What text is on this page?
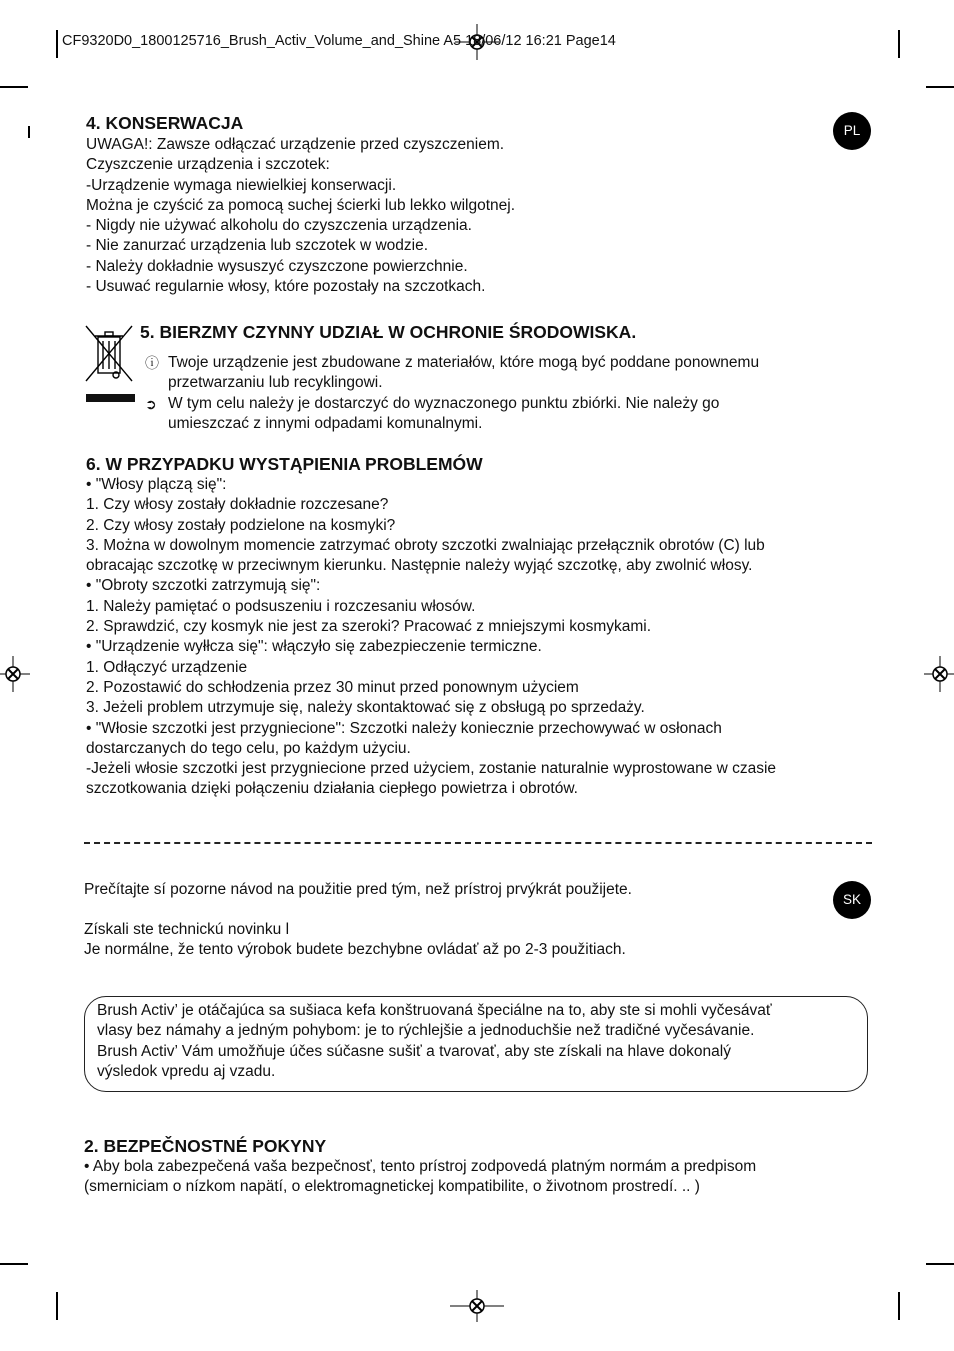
CF9320D0_1800125716_Brush_Activ_Volume_and_Shine A5 18/06/12 16:21 Page14
PL
SK
4. KONSERWACJA
UWAGA!: Zawsze odłączać urządzenie przed czyszczeniem.
Czyszczenie urządzenia i szczotek:
-Urządzenie wymaga niewielkiej konserwacji.
Można je czyścić za pomocą suchej ścierki lub lekko wilgotnej.
- Nigdy nie używać alkoholu do czyszczenia urządzenia.
- Nie zanurzać urządzenia lub szczotek w wodzie.
- Należy dokładnie wysuszyć czyszczone powierzchnie.
- Usuwać regularnie włosy, które pozostały na szczotkach.
5. BIERZMY CZYNNY UDZIAŁ W OCHRONIE ŚRODOWISKA.
ⓘ Twoje urządzenie jest zbudowane z materiałów, które mogą być poddane ponownemu
przetwarzaniu lub recyklingowi.
➲ W tym celu należy je dostarczyć do wyznaczonego punktu zbiórki. Nie należy go
umieszczać z innymi odpadami komunalnymi.
6. W PRZYPADKU WYSTĄPIENIA PROBLEMÓW
• "Włosy plączą się":
1. Czy włosy zostały dokładnie rozczesane?
2. Czy włosy zostały podzielone na kosmyki?
3. Można w dowolnym momencie zatrzymać obroty szczotki zwalniając przełącznik obrotów (C) lub
obracając szczotkę w przeciwnym kierunku. Następnie należy wyjąć szczotkę, aby zwolnić włosy.
• "Obroty szczotki zatrzymują się":
1. Należy pamiętać o podsuszeniu i rozczesaniu włosów.
2. Sprawdzić, czy kosmyk nie jest za szeroki? Pracować z mniejszymi kosmykami.
• "Urządzenie wyłłcza się": włączyło się zabezpieczenie termiczne.
1. Odłączyć urządzenie
2. Pozostawić do schłodzenia przez 30 minut przed ponownym użyciem
3. Jeżeli problem utrzymuje się, należy skontaktować się z obsługą po sprzedaży.
• "Włosie szczotki jest przygniecione": Szczotki należy koniecznie przechowywać w osłonach
dostarczanych do tego celu, po każdym użyciu.
-Jeżeli włosie szczotki jest przygniecione przed użyciem, zostanie naturalnie wyprostowane w czasie
szczotkowania dzięki połączeniu działania ciepłego powietrza i obrotów.
Prečítajte sí pozorne návod na použitie pred tým, než prístroj prvýkrát použijete.
Získali ste technickú novinku l
Je normálne, že tento výrobok budete bezchybne ovládať až po 2-3 použitiach.
Brush Activ’ je otáčajúca sa sušiaca kefa konštruovaná špeciálne na to, aby ste si mohli vyčesávať
vlasy bez námahy a jedným pohybom: je to rýchlejšie a jednoduchšie než tradičné vyčesávanie.
Brush Activ’ Vám umožňuje účes súčasne sušiť a tvarovať, aby ste získali na hlave dokonalý
výsledok vpredu aj vzadu.
2. BEZPEČNOSTNÉ POKYNY
• Aby bola zabezpečená vaša bezpečnosť, tento prístroj zodpovedá platným normám a predpisom
(smerniciam o nízkom napätí, o elektromagnetickej kompatibilite, o životnom prostredí. .. )
